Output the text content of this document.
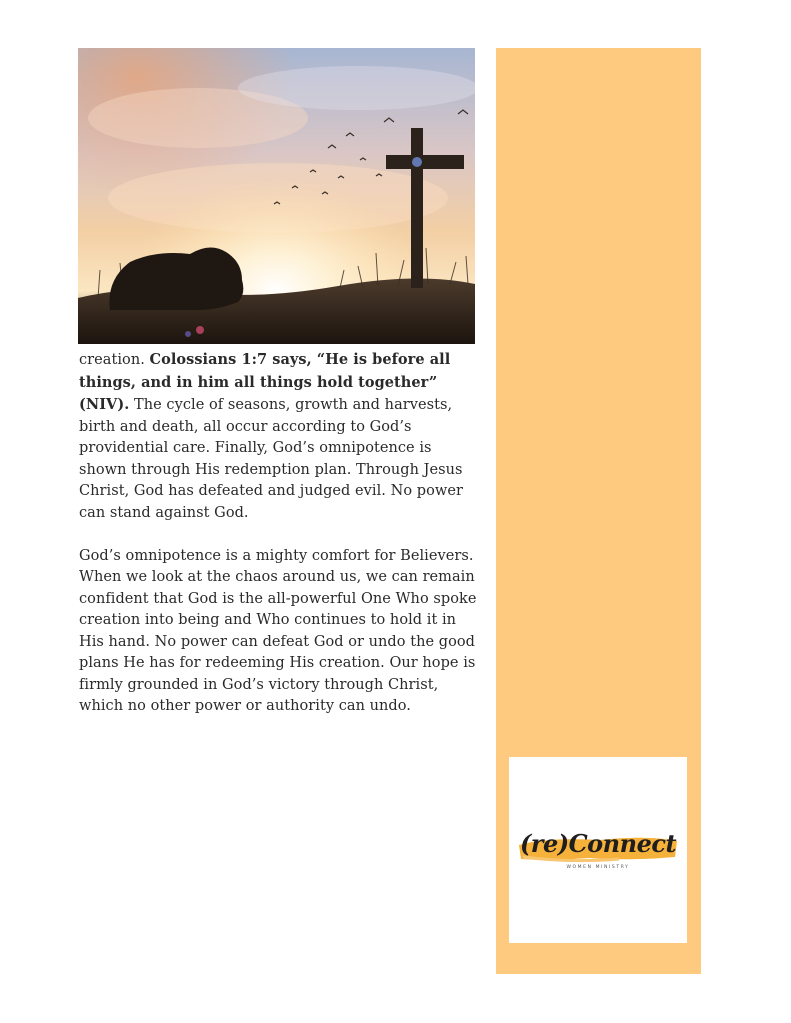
creation. Colossians 1:7 says, “He is before all things, and in him all things hold together” (NIV). The cycle of seasons, growth and harvests, birth and death, all occur according to God’s providential care. Finally, God’s omnipotence is shown through His redemption plan. Through Jesus Christ, God has defeated and judged evil. No power can stand against God.

God’s omnipotence is a mighty comfort for Believers. When we look at the chaos around us, we can remain confident that God is the all-powerful One Who spoke creation into being and Who continues to hold it in His hand. No power can defeat God or undo the good plans He has for redeeming His creation. Our hope is firmly grounded in God’s victory through Christ, which no other power or authority can undo.

(re)Connect
WOMEN MINISTRY
